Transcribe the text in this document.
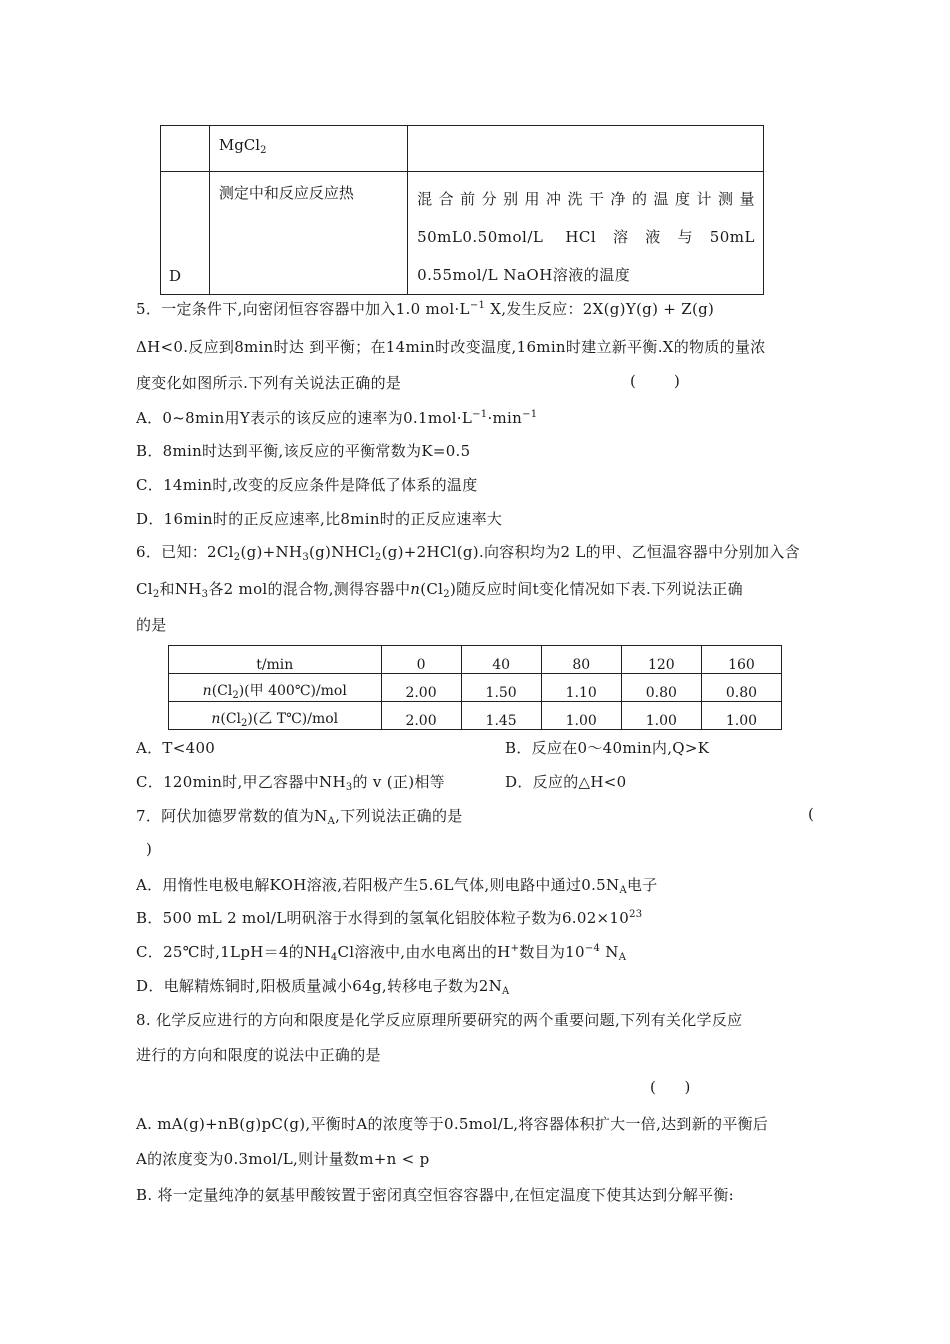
	MgCl$_2$

D	测定中和反应反应热	混合前分别用冲洗干净的温度计测量50mL0.50mol/L HCl溶液与50mL 0.55mol/L NaOH溶液的温度
5．一定条件下,向密闭恒容容器中加入1.0 $mol\cdot L^{-1}$ X,发生反应：2X(g)Y(g) + Z(g)
ΔH<0.反应到8min时达 到平衡；在14min时改变温度,16min时建立新平衡.X的物质的量浓
度变化如图所示.下列有关说法正确的是	(        )
A．0~8min用Y表示的该反应的速率为$0.1mol\cdot L^{-1}\cdot\min^{-1}$
B．8min时达到平衡,该反应的平衡常数为K=0.5
C．14min时,改变的反应条件是降低了体系的温度
D．16min时的正反应速率,比8min时的正反应速率大
6．已知：$2Cl_2(g)+NH_3(g)NHCl_2(g)+2HCl(g)$.向容积均为2 L的甲、乙恒温容器中分别加入含
$Cl_2$和$NH_3$各2 mol的混合物,测得容器中$n(Cl_2)$随反应时间t变化情况如下表.下列说法正确
的是
t/min	0	40	80	120	160
$n(Cl_2)$(甲 400℃)/mol	2.00	1.50	1.10	0.80	0.80
$n(Cl_2)$(乙 T℃)/mol	2.00	1.45	1.00	1.00	1.00
A．T<400	B．反应在0～40min内,Q>K
C．120min时,甲乙容器中$NH_3$的 v (正)相等	D．反应的△H<0
7．阿伏加德罗常数的值为$N_A$,下列说法正确的是	(
)
A．用惰性电极电解KOH溶液,若阳极产生5.6L气体,则电路中通过$0.5N_A$电子
B．500 mL 2 mol/L明矾溶于水得到的氢氧化铝胶体粒子数为$6.02\times 10^{23}$
C．25℃时,1LpH＝4的$NH_4Cl$溶液中,由水电离出的H+数目为$10^{-4}$ $N_A$
D．电解精炼铜时,阳极质量减小64g,转移电子数为$2N_A$
8. 化学反应进行的方向和限度是化学反应原理所要研究的两个重要问题,下列有关化学反应
进行的方向和限度的说法中正确的是
(      )
A. mA(g)+nB(g)pC(g),平衡时A的浓度等于0.5mol/L,将容器体积扩大一倍,达到新的平衡后
A的浓度变为0.3mol/L,则计量数m+n < p
B. 将一定量纯净的氨基甲酸铵置于密闭真空恒容容器中,在恒定温度下使其达到分解平衡:
